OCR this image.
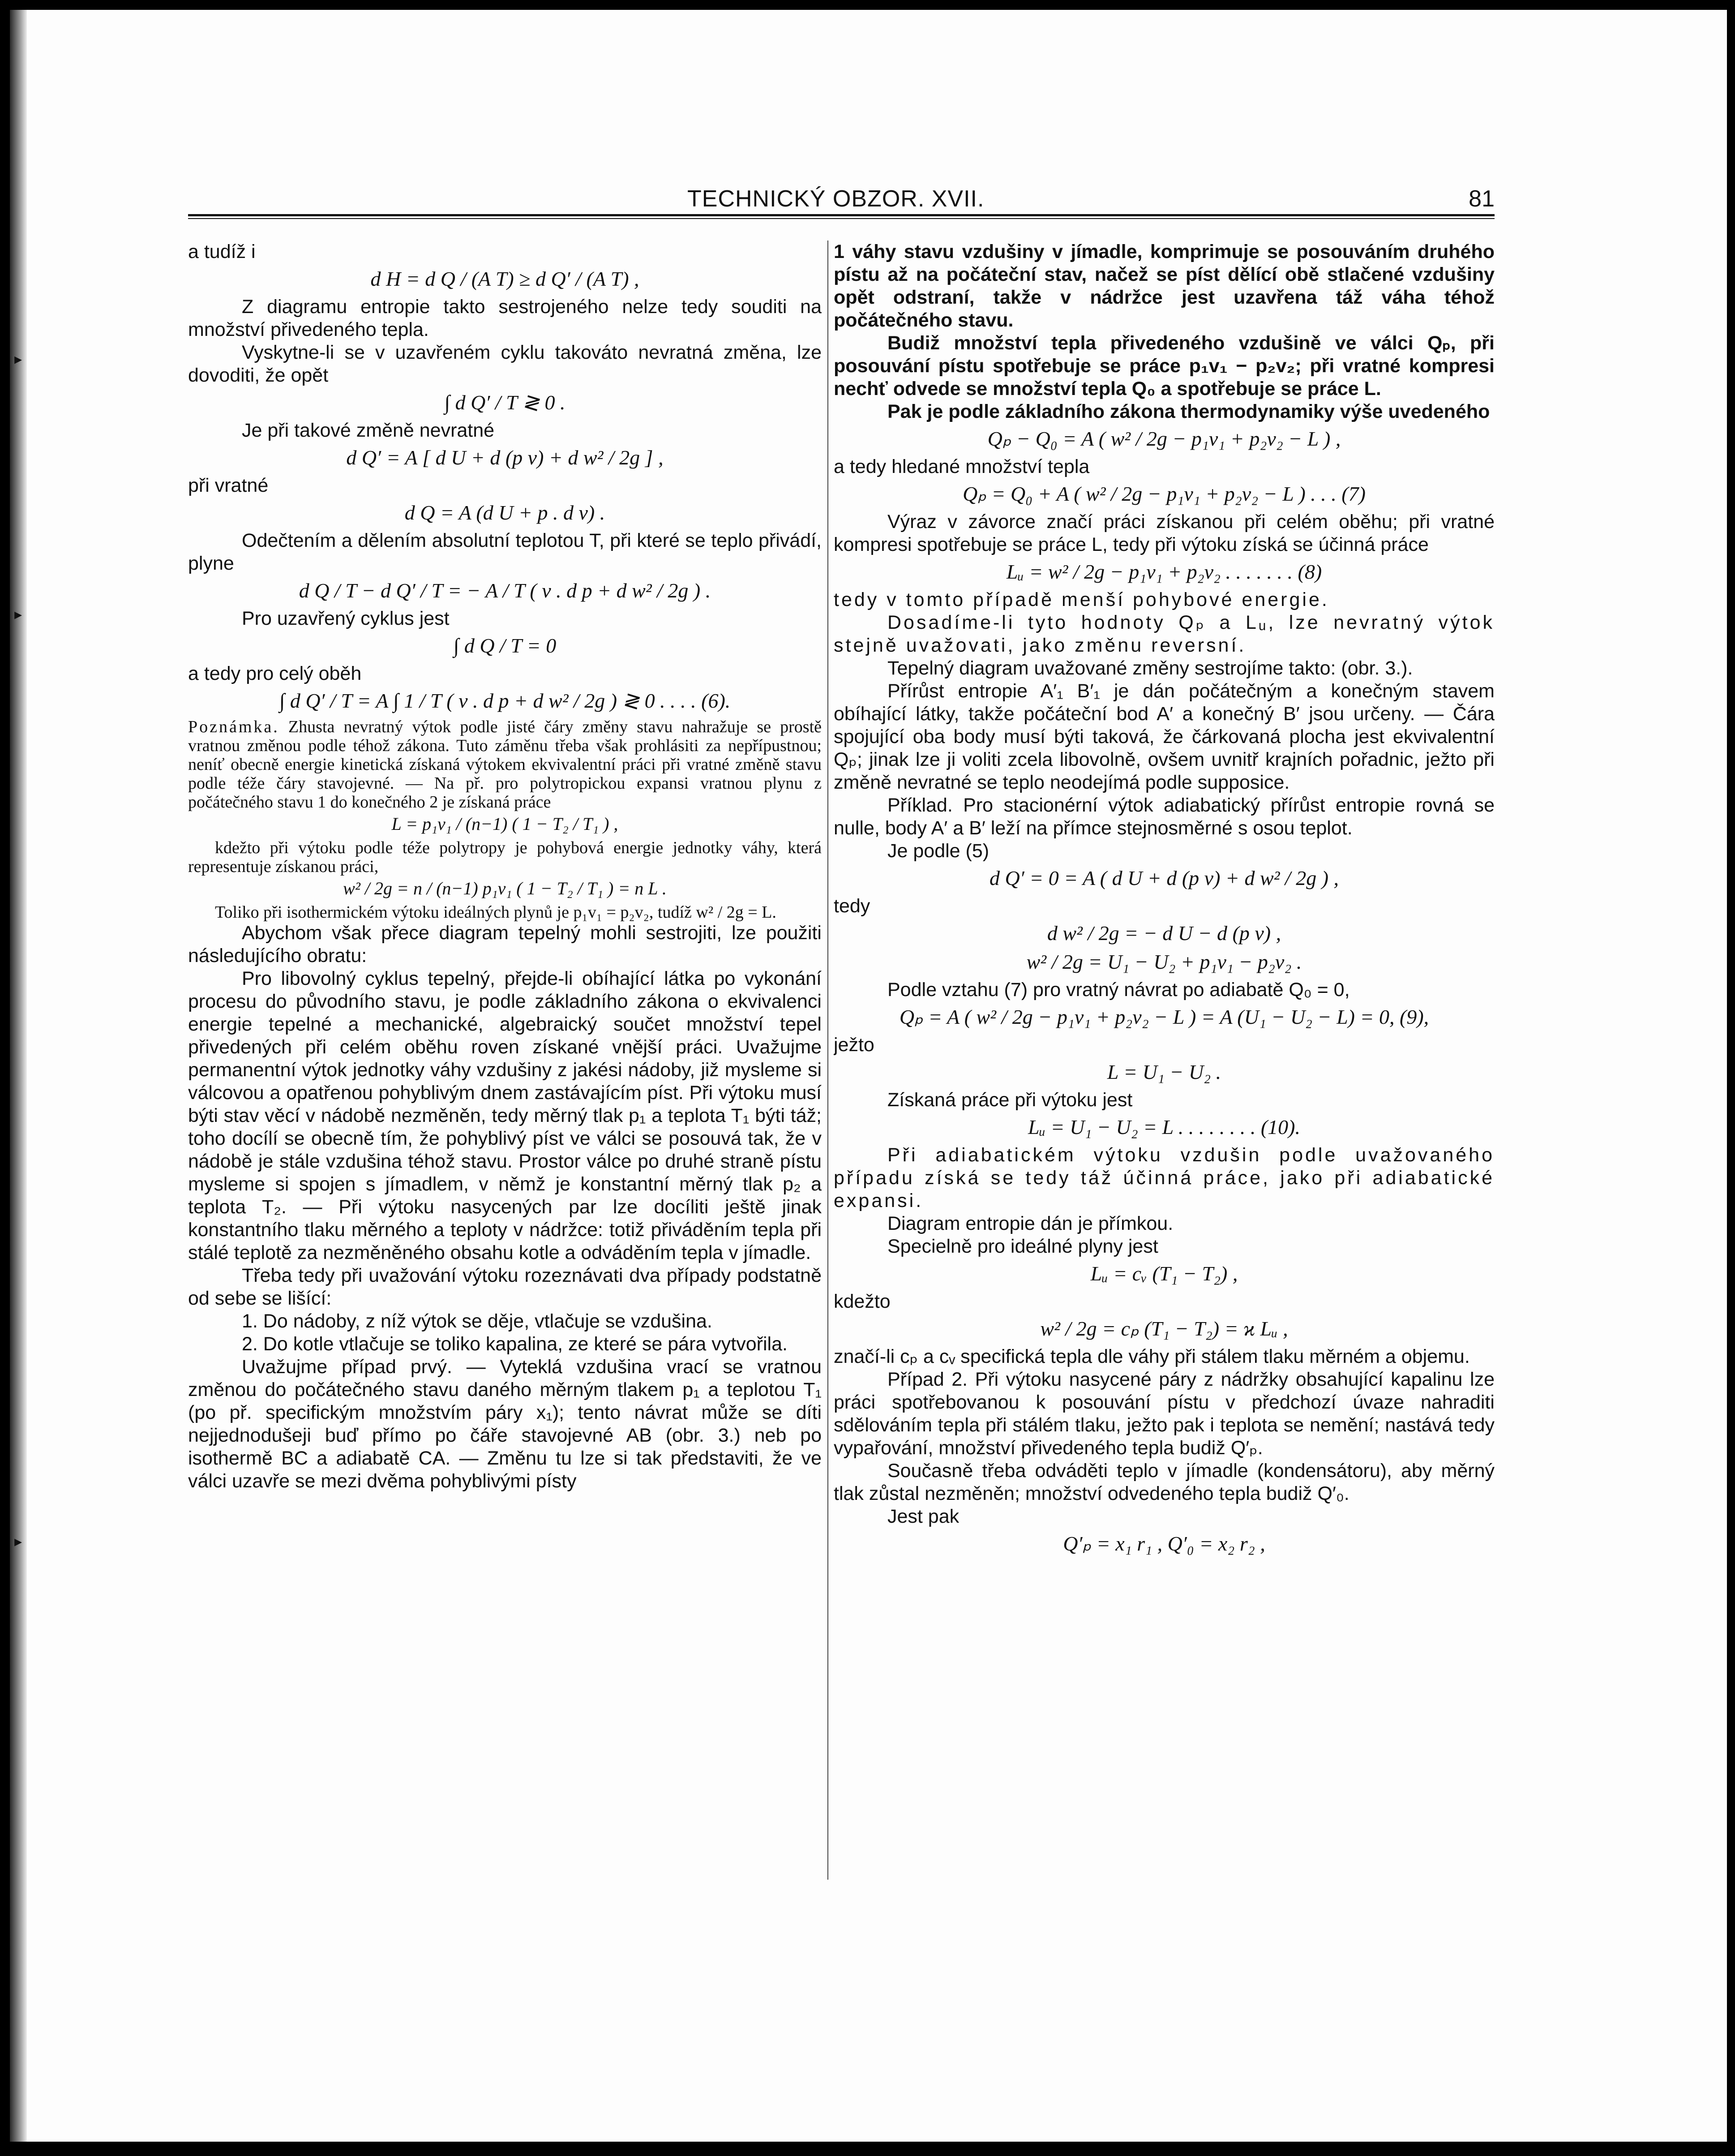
▸
▸
▸
TECHNICKÝ OBZOR. XVII.	81

a tudíž i

d H = d Q / (A T) ≥ d Q′ / (A T) ,

Z diagramu entropie takto sestrojeného nelze tedy souditi na množství přivedeného tepla.

Vyskytne-li se v uzavřeném cyklu takováto nevratná změna, lze dovoditi, že opět

∫ d Q′ / T ≷ 0 .

Je při takové změně nevratné

d Q′ = A [ d U + d (p v) + d w² / 2g ] ,

při vratné

d Q = A (d U + p . d v) .

Odečtením a dělením absolutní teplotou T, při které se teplo přivádí, plyne

d Q / T − d Q′ / T = − A / T ( v . d p + d w² / 2g ) .

Pro uzavřený cyklus jest

∫ d Q / T = 0

a tedy pro celý oběh

∫ d Q′ / T = A ∫ 1 / T ( v . d p + d w² / 2g ) ≷ 0 . . . . (6).

Poznámka. Zhusta nevratný výtok podle jisté čáry změny stavu nahražuje se prostě vratnou změnou podle téhož zákona. Tuto záměnu třeba však prohlásiti za nepřípustnou; neníť obecně energie kinetická získaná výtokem ekvivalentní práci při vratné změně stavu podle téže čáry stavojevné. — Na př. pro polytropickou expansi vratnou plynu z počátečného stavu 1 do konečného 2 je získaná práce

L = p₁v₁ / (n−1) ( 1 − T₂ / T₁ ) ,

kdežto při výtoku podle téže polytropy je pohybová energie jednotky váhy, která representuje získanou práci,

w² / 2g = n / (n−1) p₁v₁ ( 1 − T₂ / T₁ ) = n L .

Toliko při isothermickém výtoku ideálných plynů je p₁v₁ = p₂v₂, tudíž w² / 2g = L.

Abychom však přece diagram tepelný mohli sestrojiti, lze použiti následujícího obratu:

Pro libovolný cyklus tepelný, přejde-li obíhající látka po vykonání procesu do původního stavu, je podle základního zákona o ekvivalenci energie tepelné a mechanické, algebraický součet množství tepel přivedených při celém oběhu roven získané vnější práci. Uvažujme permanentní výtok jednotky váhy vzdušiny z jakési nádoby, již mysleme si válcovou a opatřenou pohyblivým dnem zastávajícím píst. Při výtoku musí býti stav věcí v nádobě nezměněn, tedy měrný tlak p₁ a teplota T₁ býti táž; toho docílí se obecně tím, že pohyblivý píst ve válci se posouvá tak, že v nádobě je stále vzdušina téhož stavu. Prostor válce po druhé straně pístu mysleme si spojen s jímadlem, v němž je konstantní měrný tlak p₂ a teplota T₂. — Při výtoku nasycených par lze docíliti ještě jinak konstantního tlaku měrného a teploty v nádržce: totiž přiváděním tepla při stálé teplotě za nezměněného obsahu kotle a odváděním tepla v jímadle.

Třeba tedy při uvažování výtoku rozeznávati dva případy podstatně od sebe se lišící:

1. Do nádoby, z níž výtok se děje, vtlačuje se vzdušina.

2. Do kotle vtlačuje se toliko kapalina, ze které se pára vytvořila.

Uvažujme případ prvý. — Vyteklá vzdušina vrací se vratnou změnou do počátečného stavu daného měrným tlakem p₁ a teplotou T₁ (po př. specifickým množstvím páry x₁); tento návrat může se díti nejjednodušeji buď přímo po čáře stavojevné AB (obr. 3.) neb po isothermě BC a adiabatě CA. — Změnu tu lze si tak představiti, že ve válci uzavře se mezi dvěma pohyblivými písty

1 váhy stavu vzdušiny v jímadle, komprimuje se posouváním druhého pístu až na počáteční stav, načež se píst dělící obě stlačené vzdušiny opět odstraní, takže v nádržce jest uzavřena táž váha téhož počátečného stavu.

Budiž množství tepla přivedeného vzdušině ve válci Qₚ, při posouvání pístu spotřebuje se práce p₁v₁ − p₂v₂; při vratné kompresi nechť odvede se množství tepla Q₀ a spotřebuje se práce L.

Pak je podle základního zákona thermodynamiky výše uvedeného

Qₚ − Q₀ = A ( w² / 2g − p₁v₁ + p₂v₂ − L ) ,

a tedy hledané množství tepla

Qₚ = Q₀ + A ( w² / 2g − p₁v₁ + p₂v₂ − L ) . . . (7)

Výraz v závorce značí práci získanou při celém oběhu; při vratné kompresi spotřebuje se práce L, tedy při výtoku získá se účinná práce

Lᵤ = w² / 2g − p₁v₁ + p₂v₂ . . . . . . . (8)

tedy v tomto případě menší pohybové energie.

Dosadíme-li tyto hodnoty Qₚ a Lᵤ, lze nevratný výtok stejně uvažovati, jako změnu reversní.

Tepelný diagram uvažované změny sestrojíme takto: (obr. 3.).

Přírůst entropie A′₁ B′₁ je dán počátečným a konečným stavem obíhající látky, takže počáteční bod A′ a konečný B′ jsou určeny. — Čára spojující oba body musí býti taková, že čárkovaná plocha jest ekvivalentní Qₚ; jinak lze ji voliti zcela libovolně, ovšem uvnitř krajních pořadnic, ježto při změně nevratné se teplo neodejímá podle supposice.

Příklad. Pro stacionérní výtok adiabatický přírůst entropie rovná se nulle, body A′ a B′ leží na přímce stejnosměrné s osou teplot.

Je podle (5)

d Q′ = 0 = A ( d U + d (p v) + d w² / 2g ) ,

tedy

d w² / 2g = − d U − d (p v) ,
w² / 2g = U₁ − U₂ + p₁v₁ − p₂v₂ .

Podle vztahu (7) pro vratný návrat po adiabatě Q₀ = 0,

Qₚ = A ( w² / 2g − p₁v₁ + p₂v₂ − L ) = A (U₁ − U₂ − L) = 0, (9),

ježto

L = U₁ − U₂ .

Získaná práce při výtoku jest

Lᵤ = U₁ − U₂ = L . . . . . . . . (10).

Při adiabatickém výtoku vzdušin podle uvažovaného případu získá se tedy táž účinná práce, jako při adiabatické expansi.

Diagram entropie dán je přímkou.

Specielně pro ideálné plyny jest

Lᵤ = cᵥ (T₁ − T₂) ,

kdežto

w² / 2g = cₚ (T₁ − T₂) = ϰ Lᵤ ,

značí-li cₚ a cᵥ specifická tepla dle váhy při stálem tlaku měrném a objemu.

Případ 2. Při výtoku nasycené páry z nádržky obsahující kapalinu lze práci spotřebovanou k posouvání pístu v předchozí úvaze nahraditi sdělováním tepla při stálém tlaku, ježto pak i teplota se nemění; nastává tedy vypařování, množství přivedeného tepla budiž Q′ₚ.

Současně třeba odváděti teplo v jímadle (kondensátoru), aby měrný tlak zůstal nezměněn; množství odvedeného tepla budiž Q′₀.

Jest pak

Q′ₚ = x₁ r₁ , Q′₀ = x₂ r₂ ,
